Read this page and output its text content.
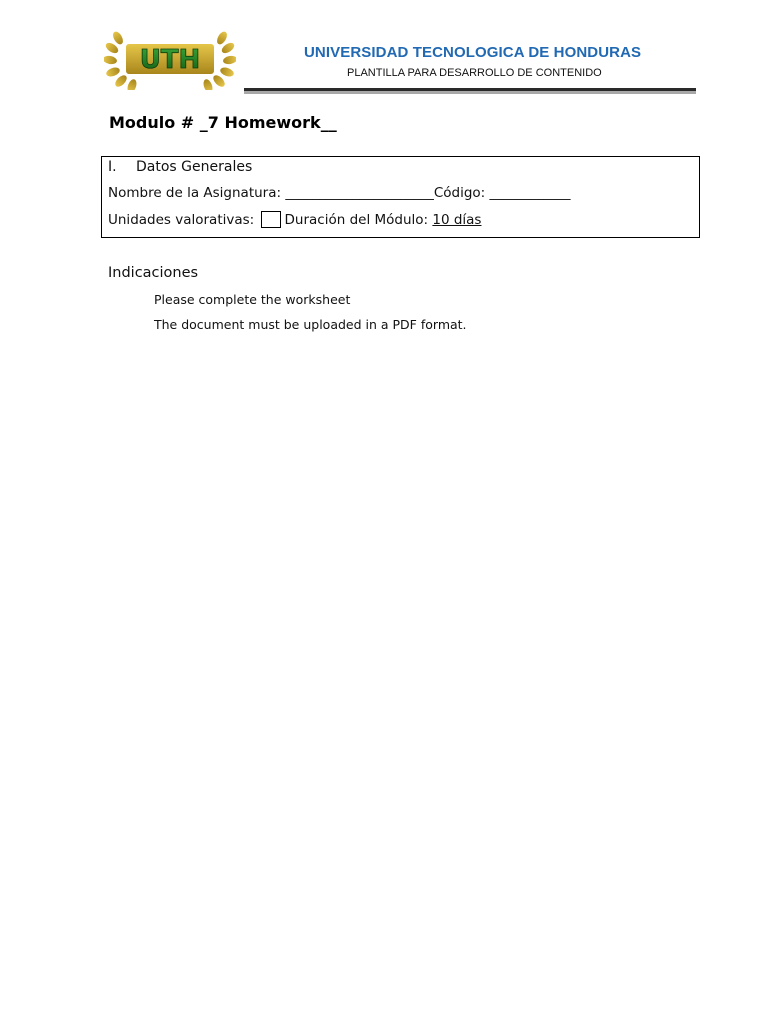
UTH	UNIVERSIDAD TECNOLOGICA DE HONDURAS
PLANTILLA PARA DESARROLLO DE CONTENIDO
Modulo # _7 Homework__
I. Datos Generales
Nombre de la Asignatura: ______________________Código: ____________
Unidades valorativas: Duración del Módulo: 10 días
Indicaciones
Please complete the worksheet
The document must be uploaded in a PDF format.
